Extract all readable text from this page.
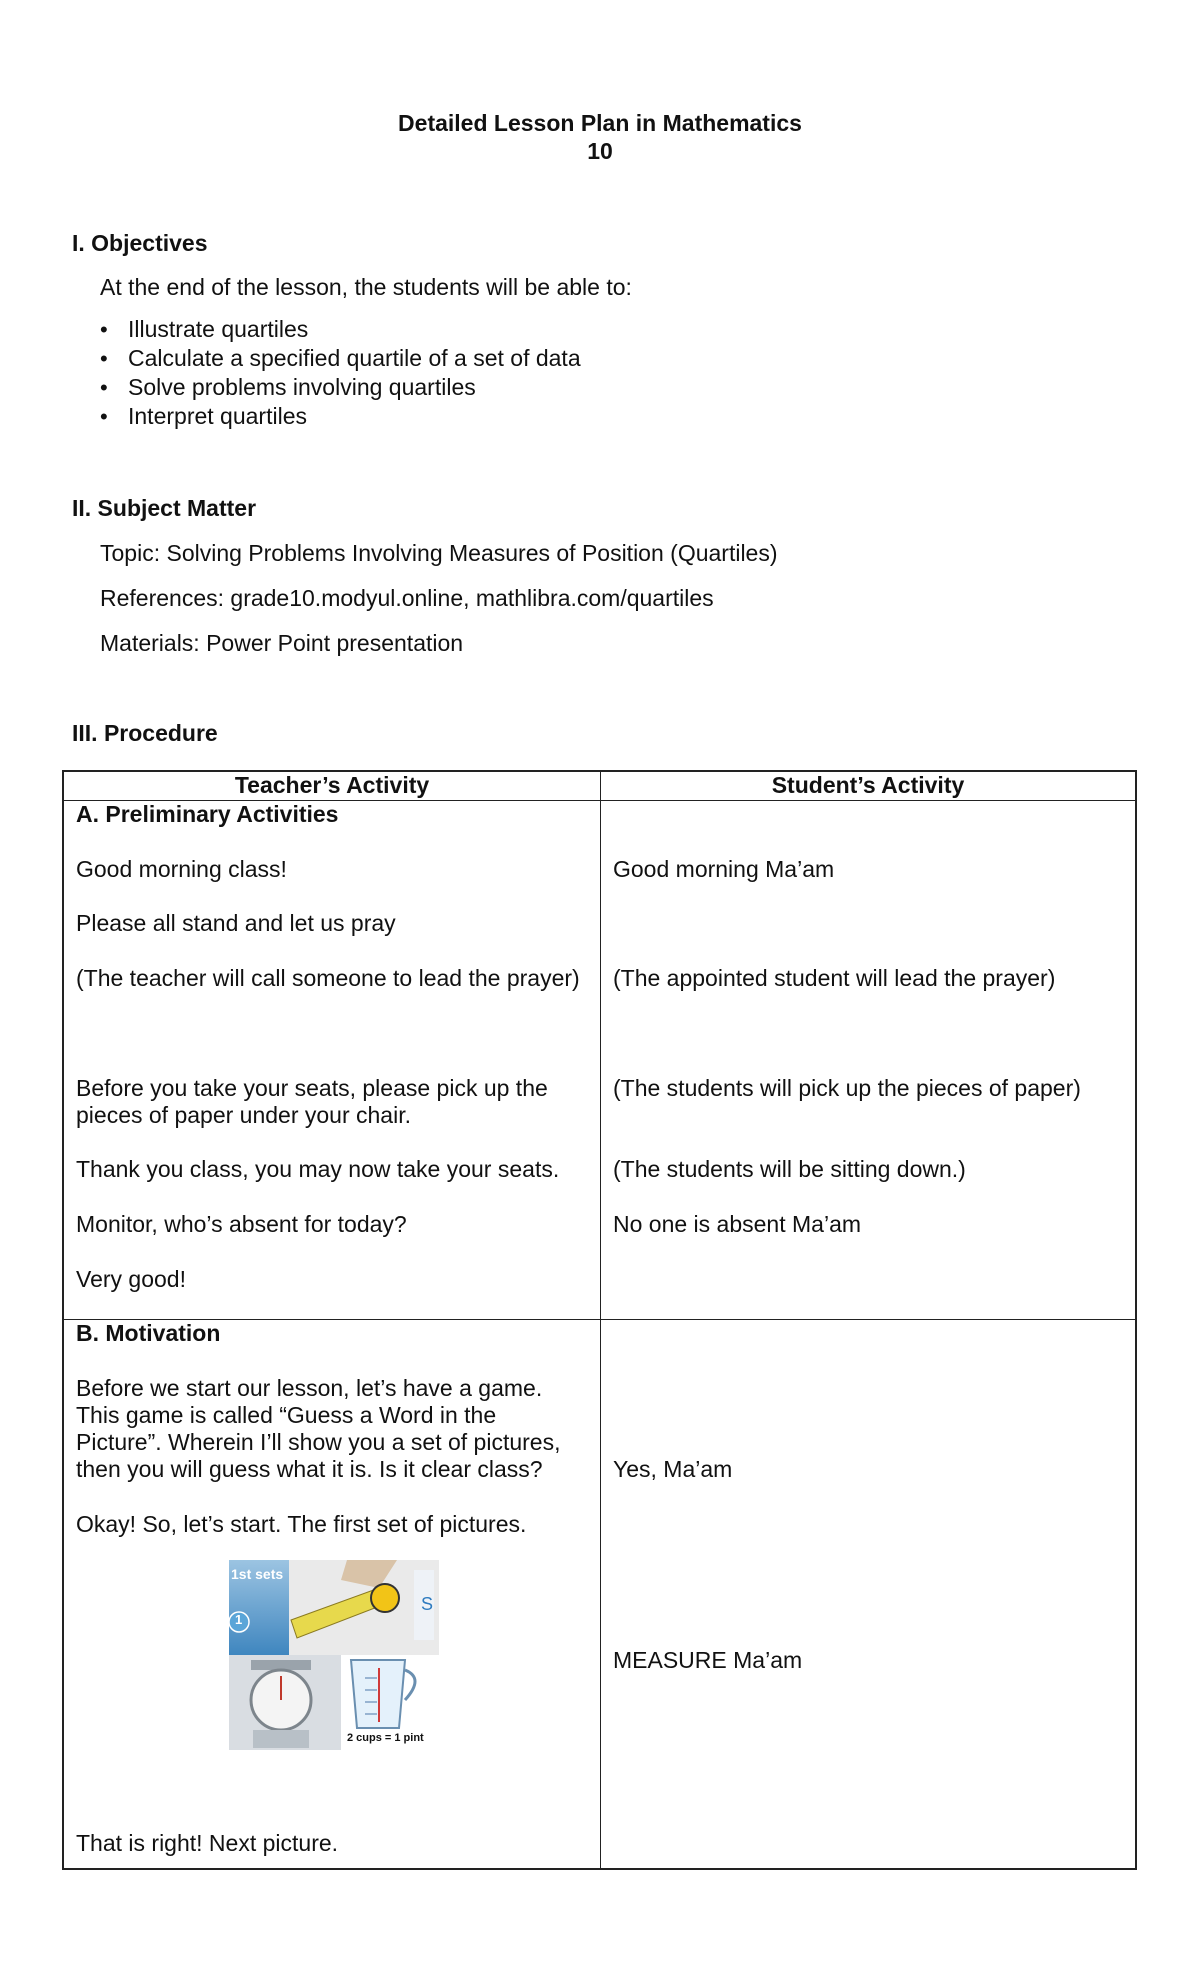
Detailed Lesson Plan in Mathematics
10
I. Objectives
At the end of the lesson, the students will be able to:
• Illustrate quartiles
• Calculate a specified quartile of a set of data
• Solve problems involving quartiles
• Interpret quartiles
II. Subject Matter
Topic: Solving Problems Involving Measures of Position (Quartiles)
References: grade10.modyul.online, mathlibra.com/quartiles
Materials: Power Point presentation
III. Procedure
Teacher’s Activity	Student’s Activity
A. Preliminary Activities
Good morning class!
Please all stand and let us pray
(The teacher will call someone to lead the prayer)
Before you take your seats, please pick up the pieces of paper under your chair.
Thank you class, you may now take your seats.
Monitor, who’s absent for today?
Very good!
Good morning Ma’am
(The appointed student will lead the prayer)
(The students will pick up the pieces of paper)
(The students will be sitting down.)
No one is absent Ma’am
B. Motivation
Before we start our lesson, let’s have a game. This game is called “Guess a Word in the Picture”. Wherein I’ll show you a set of pictures, then you will guess what it is. Is it clear class?
Okay! So, let’s start. The first set of pictures.
S
1st sets
1
2 cups = 1 pint
That is right! Next picture.
Yes, Ma’am
MEASURE Ma’am
